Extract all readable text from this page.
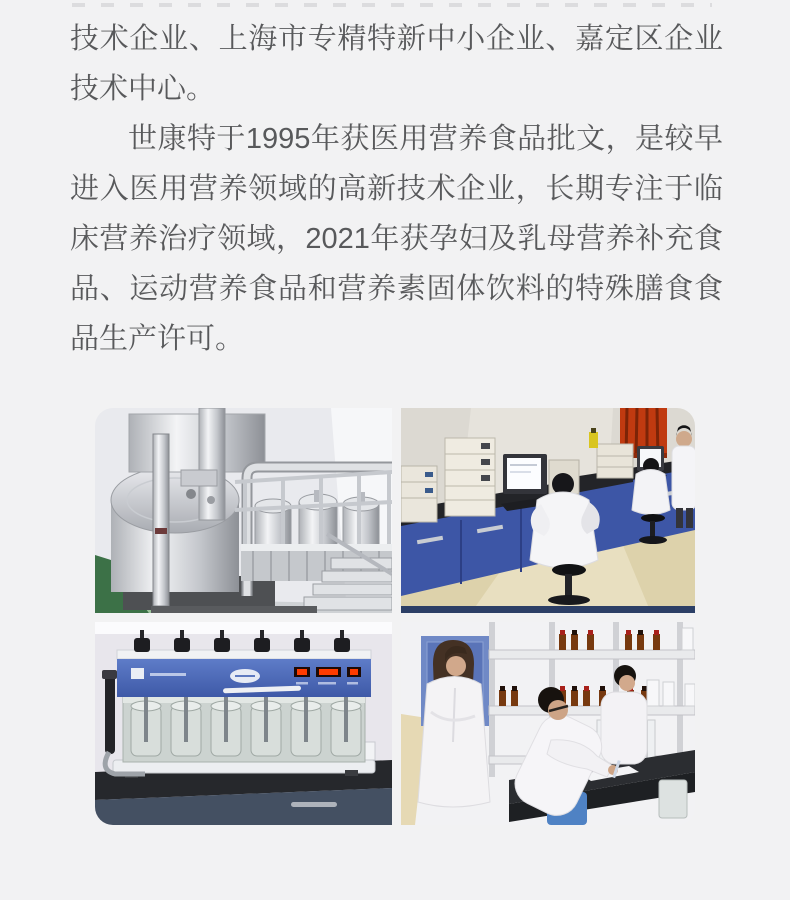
技术企业、上海市专精特新中小企业、嘉定区企业
技术中心。
世康特于1995年获医用营养食品批文，是较早
进入医用营养领域的高新技术企业，长期专注于临
床营养治疗领域，2021年获孕妇及乳母营养补充食
品、运动营养食品和营养素固体饮料的特殊膳食食
品生产许可。
